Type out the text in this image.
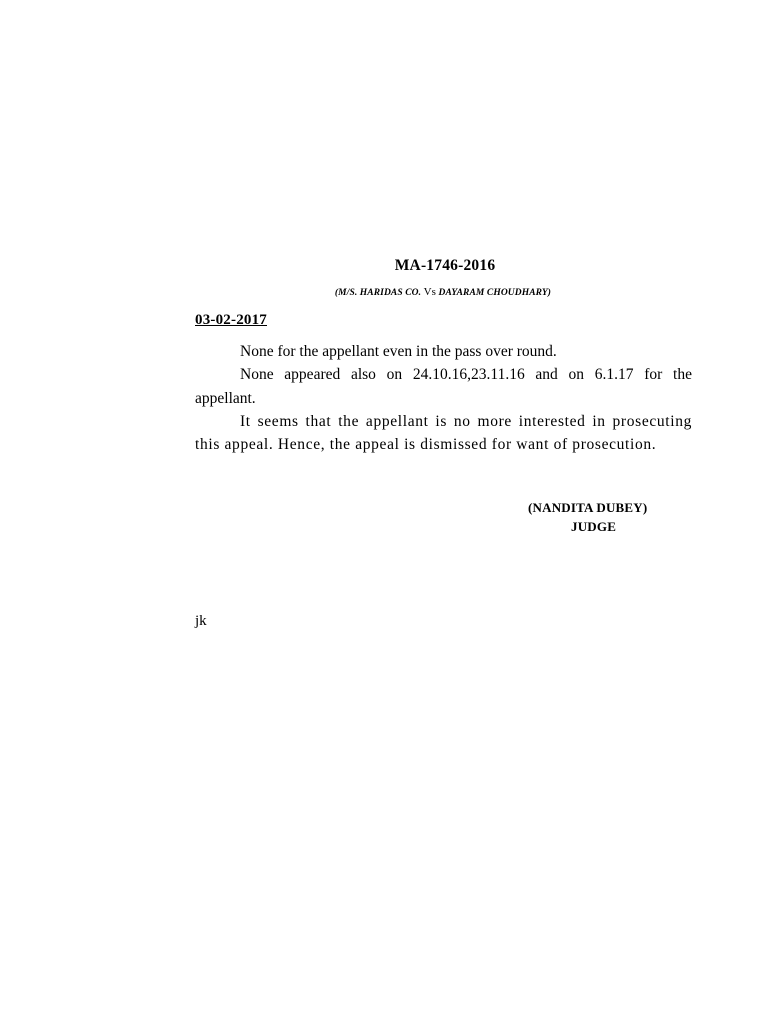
MA-1746-2016
(M/S. HARIDAS CO. Vs DAYARAM CHOUDHARY)
03-02-2017

None for the appellant even in the pass over round.

None appeared also on 24.10.16,23.11.16 and on 6.1.17 for the appellant.

It seems that the appellant is no more interested in prosecuting this appeal. Hence, the appeal is dismissed for want of prosecution.

(NANDITA DUBEY)
JUDGE
jk
